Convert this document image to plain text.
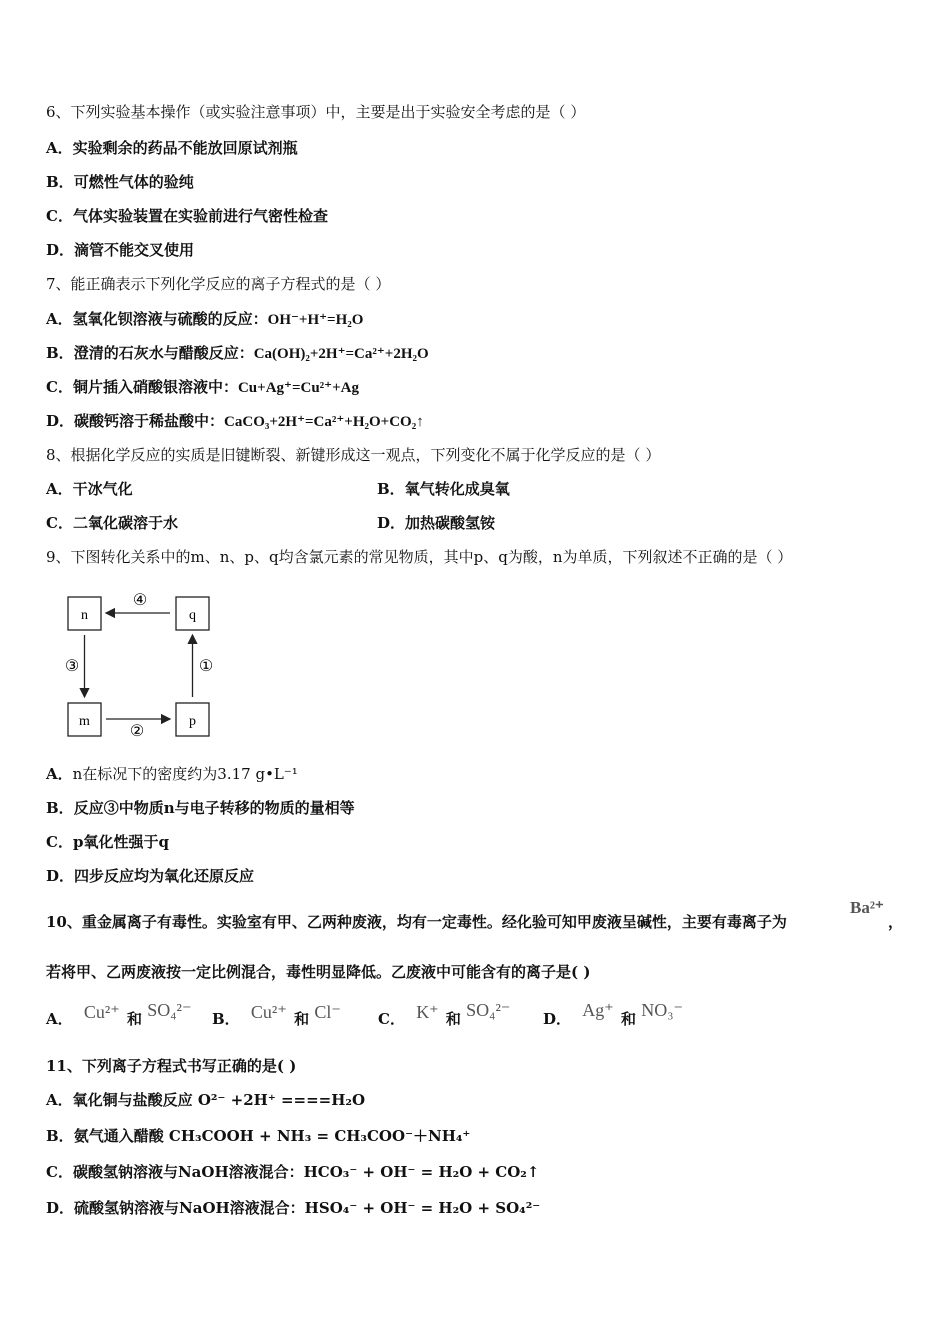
6、下列实验基本操作（或实验注意事项）中，主要是出于实验安全考虑的是（ ）
A．实验剩余的药品不能放回原试剂瓶
B．可燃性气体的验纯
C．气体实验装置在实验前进行气密性检查
D．滴管不能交叉使用
7、能正确表示下列化学反应的离子方程式的是（ ）
A．氢氧化钡溶液与硫酸的反应：OH⁻+H⁺=H₂O
B．澄清的石灰水与醋酸反应：Ca(OH)₂+2H⁺=Ca²⁺+2H₂O
C．铜片插入硝酸银溶液中：Cu+Ag⁺=Cu²⁺+Ag
D．碳酸钙溶于稀盐酸中：CaCO₃+2H⁺=Ca²⁺+H₂O+CO₂↑
8、根据化学反应的实质是旧键断裂、新键形成这一观点，下列变化不属于化学反应的是（ ）
A．干冰气化	B．氧气转化成臭氧
C．二氧化碳溶于水	D．加热碳酸氢铵
9、下图转化关系中的m、n、p、q均含氯元素的常见物质，其中p、q为酸，n为单质，下列叙述不正确的是（ ）
n	q
m	p
④
③
②
①
A．n在标况下的密度约为3.17 g•L⁻¹
B．反应③中物质n与电子转移的物质的量相等
C．p氧化性强于q
D．四步反应均为氧化还原反应
10、重金属离子有毒性。实验室有甲、乙两种废液，均有一定毒性。经化验可知甲废液呈碱性，主要有毒离子为
Ba²⁺
，
若将甲、乙两废液按一定比例混合，毒性明显降低。乙废液中可能含有的离子是( )
A． Cu²⁺ 和 SO₄²⁻ B． Cu²⁺ 和 Cl⁻ C． K⁺ 和 SO₄²⁻ D． Ag⁺ 和 NO₃⁻
11、下列离子方程式书写正确的是( )
A．氧化铜与盐酸反应 O²⁻ +2H⁺ ====H₂O
B．氨气通入醋酸 CH₃COOH + NH₃ = CH₃COO⁻＋NH₄⁺
C．碳酸氢钠溶液与NaOH溶液混合：HCO₃⁻ + OH⁻ = H₂O + CO₂↑
D．硫酸氢钠溶液与NaOH溶液混合：HSO₄⁻ + OH⁻ = H₂O + SO₄²⁻
